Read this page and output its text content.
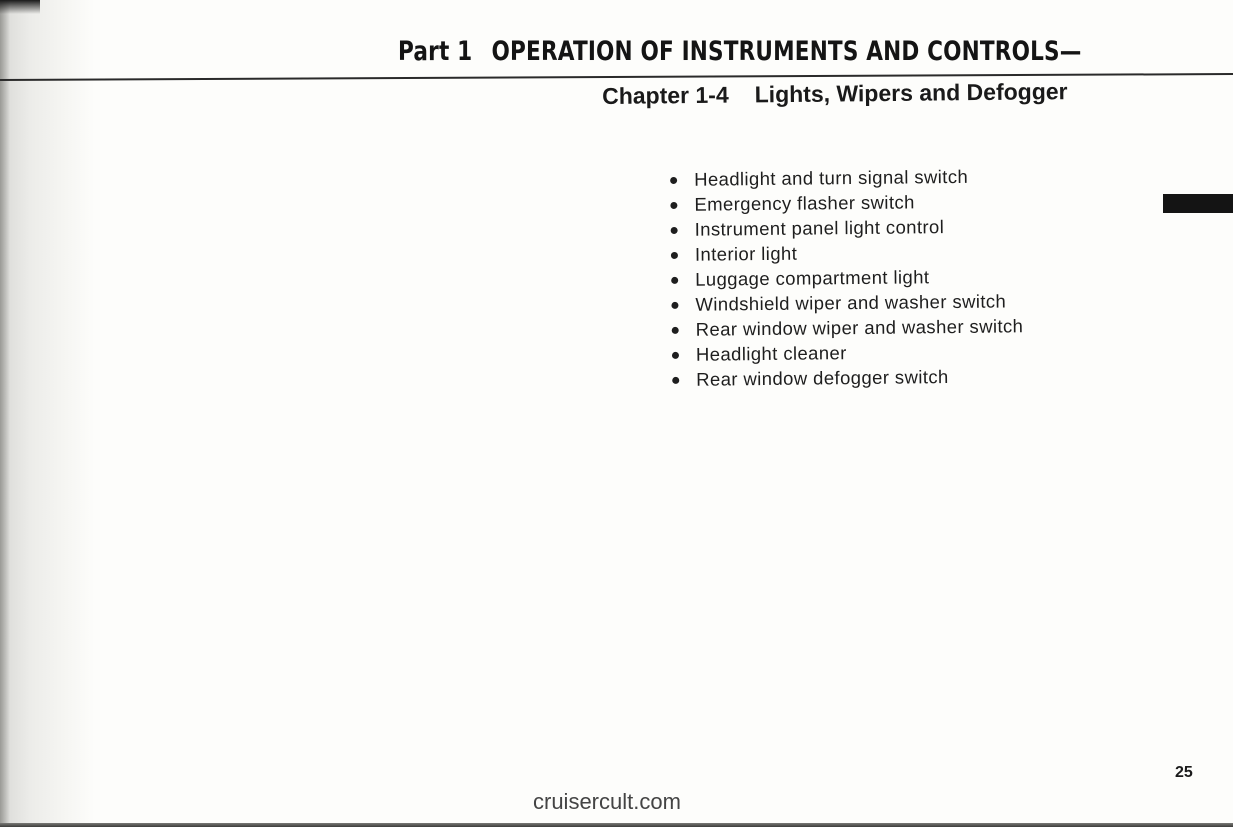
Part 1 OPERATION OF INSTRUMENTS AND CONTROLS—
Chapter 1-4 Lights, Wipers and Defogger
Headlight and turn signal switch
Emergency flasher switch
Instrument panel light control
Interior light
Luggage compartment light
Windshield wiper and washer switch
Rear window wiper and washer switch
Headlight cleaner
Rear window defogger switch
25
cruisercult.com
